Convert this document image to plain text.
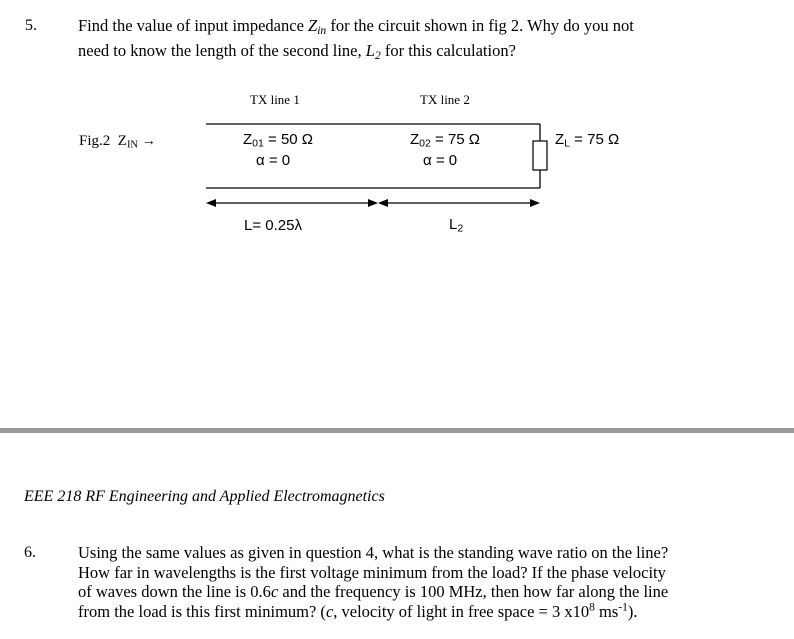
5. Find the value of input impedance $Z_{in}$ for the circuit shown in fig 2. Why do you not
need to know the length of the second line, $L_2$ for this calculation?
TX line 1	TX line 2
Fig.2 $Z_{IN}$ →	$Z_{01} = 50$ Ω
α = 0
$Z_{02} = 75$ Ω
α = 0
$Z_L = 75$ Ω
L= 0.25λ	$L_2$
EEE 218 RF Engineering and Applied Electromagnetics
6.	Using the same values as given in question 4, what is the standing wave ratio on the line?
How far in wavelengths is the first voltage minimum from the load? If the phase velocity
of waves down the line is 0.6c and the frequency is 100 MHz, then how far along the line
from the load is this first minimum? (c, velocity of light in free space = 3 $x10^8$ $ms^{-1}$).
